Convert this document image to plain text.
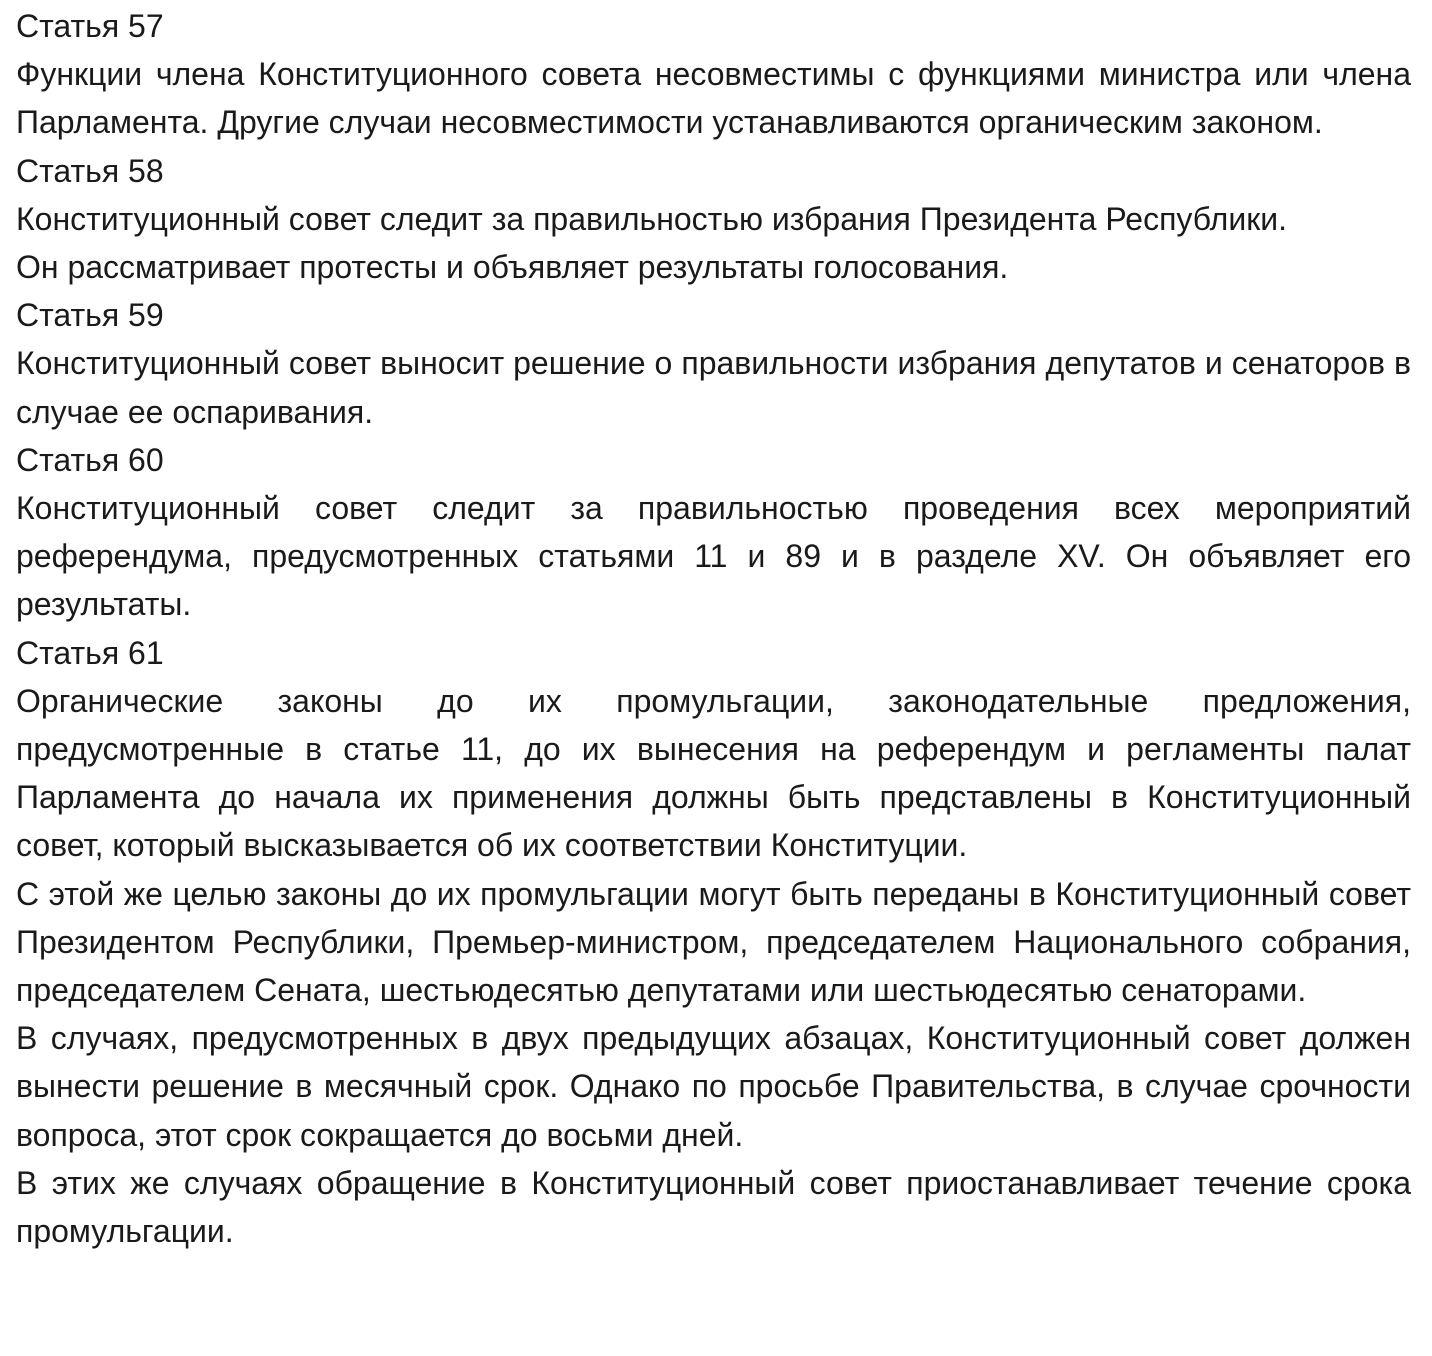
Статья 57

Функции члена Конституционного совета несовместимы с функциями министра или члена Парламента. Другие случаи несовместимости устанавливаются органическим законом.

Статья 58

Конституционный совет следит за правильностью избрания Президента Республики.

Он рассматривает протесты и объявляет результаты голосования.

Статья 59

Конституционный совет выносит решение о правильности избрания депутатов и сенаторов в случае ее оспаривания.

Статья 60

Конституционный совет следит за правильностью проведения всех мероприятий референдума, предусмотренных статьями 11 и 89 и в разделе XV. Он объявляет его результаты.

Статья 61

Органические законы до их промульгации, законодательные предложения, предусмотренные в статье 11, до их вынесения на референдум и регламенты палат Парламента до начала их применения должны быть представлены в Конституционный совет, который высказывается об их соответствии Конституции.

С этой же целью законы до их промульгации могут быть переданы в Конституционный совет Президентом Республики, Премьер-министром, председателем Национального собрания, председателем Сената, шестьюдесятью депутатами или шестьюдесятью сенаторами.

В случаях, предусмотренных в двух предыдущих абзацах, Конституционный совет должен вынести решение в месячный срок. Однако по просьбе Правительства, в случае срочности вопроса, этот срок сокращается до восьми дней.

В этих же случаях обращение в Конституционный совет приостанавливает течение срока промульгации.
